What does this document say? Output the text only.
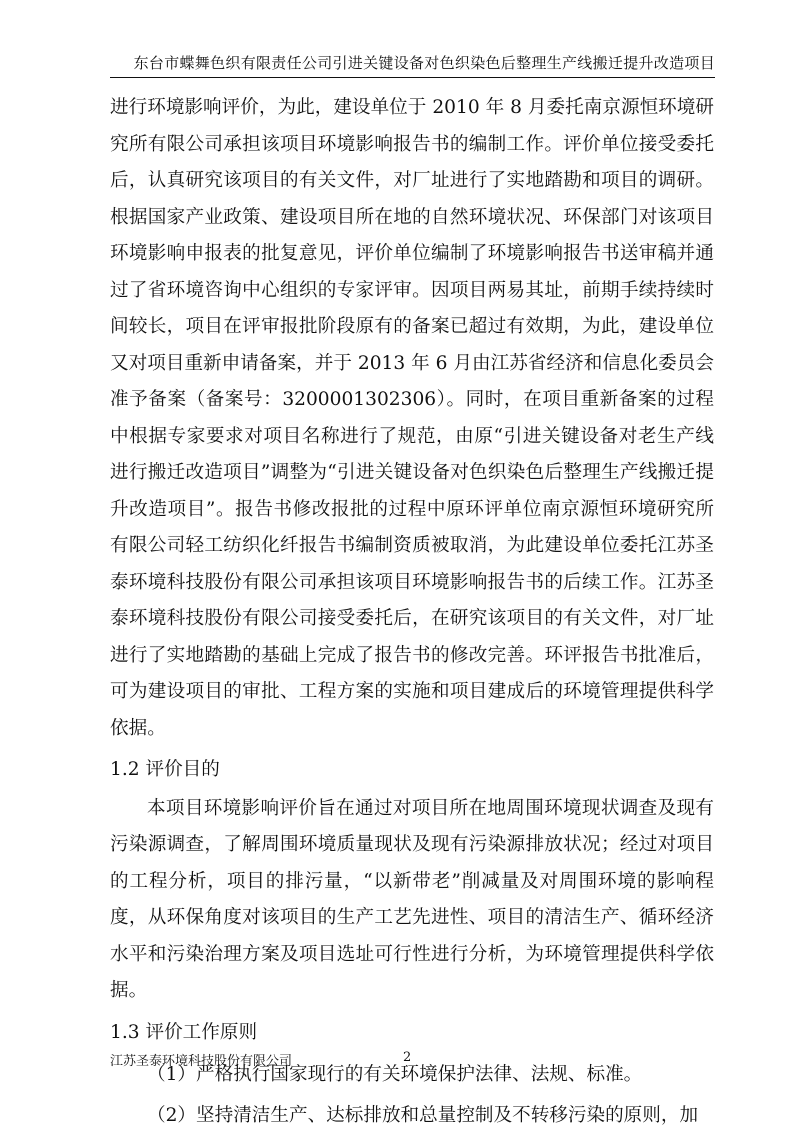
东台市蝶舞色织有限责任公司引进关键设备对色织染色后整理生产线搬迁提升改造项目

进行环境影响评价，为此，建设单位于 2010 年 8 月委托南京源恒环境研究所有限公司承担该项目环境影响报告书的编制工作。评价单位接受委托后，认真研究该项目的有关文件，对厂址进行了实地踏勘和项目的调研。根据国家产业政策、建设项目所在地的自然环境状况、环保部门对该项目环境影响申报表的批复意见，评价单位编制了环境影响报告书送审稿并通过了省环境咨询中心组织的专家评审。因项目两易其址，前期手续持续时间较长，项目在评审报批阶段原有的备案已超过有效期，为此，建设单位又对项目重新申请备案，并于 2013 年 6 月由江苏省经济和信息化委员会准予备案（备案号：3200001302306）。同时，在项目重新备案的过程中根据专家要求对项目名称进行了规范，由原“引进关键设备对老生产线进行搬迁改造项目”调整为“引进关键设备对色织染色后整理生产线搬迁提升改造项目”。报告书修改报批的过程中原环评单位南京源恒环境研究所有限公司轻工纺织化纤报告书编制资质被取消，为此建设单位委托江苏圣泰环境科技股份有限公司承担该项目环境影响报告书的后续工作。江苏圣泰环境科技股份有限公司接受委托后，在研究该项目的有关文件，对厂址进行了实地踏勘的基础上完成了报告书的修改完善。环评报告书批准后，可为建设项目的审批、工程方案的实施和项目建成后的环境管理提供科学依据。

1.2 评价目的

本项目环境影响评价旨在通过对项目所在地周围环境现状调查及现有污染源调查，了解周围环境质量现状及现有污染源排放状况；经过对项目的工程分析，项目的排污量，“以新带老”削减量及对周围环境的影响程度，从环保角度对该项目的生产工艺先进性、项目的清洁生产、循环经济水平和污染治理方案及项目选址可行性进行分析，为环境管理提供科学依据。

1.3 评价工作原则

（1）严格执行国家现行的有关环境保护法律、法规、标准。

（2）坚持清洁生产、达标排放和总量控制及不转移污染的原则，加

江苏圣泰环境科技股份有限公司	2
